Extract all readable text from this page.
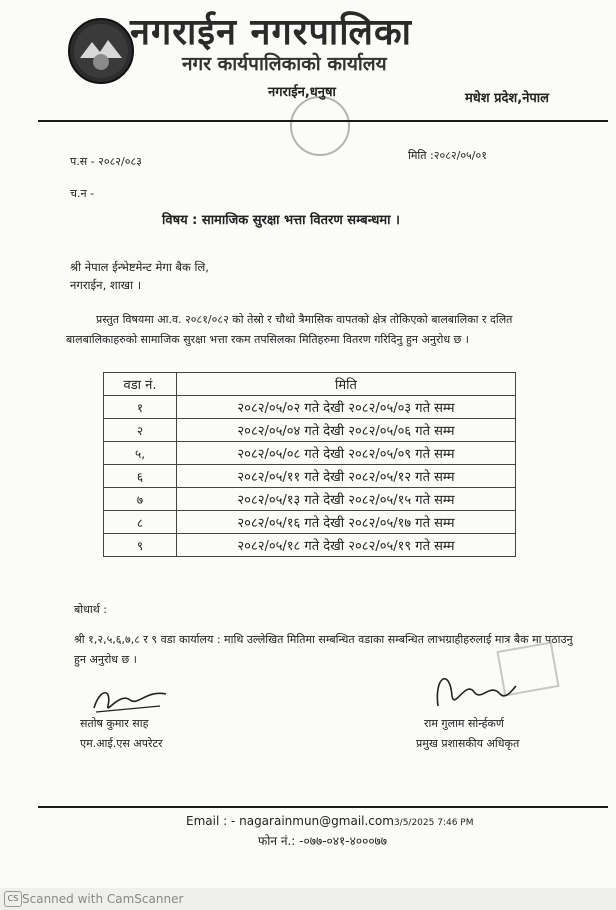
नगराईन नगरपालिका
नगर कार्यपालिकाको कार्यालय
नगराईन,धनुषा	मधेश प्रदेश,नेपाल
प.स - २०८२/०८३	मिति :२०८२/०५/०१
च.न -
विषय : सामाजिक सुरक्षा भत्ता वितरण सम्बन्धमा ।
श्री नेपाल ईन्भेष्टमेन्ट मेगा बैक लि,
नगराईन, शाखा ।
प्रस्तुत विषयमा आ.व. २०८१/०८२ को तेस्रो र चौथो त्रैमासिक वापतको क्षेत्र तोकिएको बालबालिका र दलित बालबालिकाहरुको सामाजिक सुरक्षा भत्ता रकम तपसिलका मितिहरुमा वितरण गरिदिनु हुन अनुरोध छ ।
वडा नं.	मिति
१	२०८२/०५/०२ गते देखी २०८२/०५/०३ गते सम्म
२	२०८२/०५/०४ गते देखी २०८२/०५/०६ गते सम्म
५,	२०८२/०५/०८ गते देखी २०८२/०५/०९ गते सम्म
६	२०८२/०५/११ गते देखी २०८२/०५/१२ गते सम्म
७	२०८२/०५/१३ गते देखी २०८२/०५/१५ गते सम्म
८	२०८२/०५/१६ गते देखी २०८२/०५/१७ गते सम्म
९	२०८२/०५/१८ गते देखी २०८२/०५/१९ गते सम्म
बोधार्थ :
श्री १,२,५,६,७,८ र ९ वडा कार्यालय : माथि उल्लेखित मितिमा सम्बन्धित वडाका सम्बन्धित लाभग्राहीहरुलाई मात्र बैक मा पठाउनु हुन अनुरोध छ ।
सतोष कुमार साह
एम.आई.एस अपरेटर
राम गुलाम सोर्न्हकर्ण
प्रमुख प्रशासकीय अधिकृत
Email : - nagarainmun@gmail.com3/5/2025 7:46 PM
फोन नं.: -०७७-०४१-४०००७७
CS Scanned with CamScanner
